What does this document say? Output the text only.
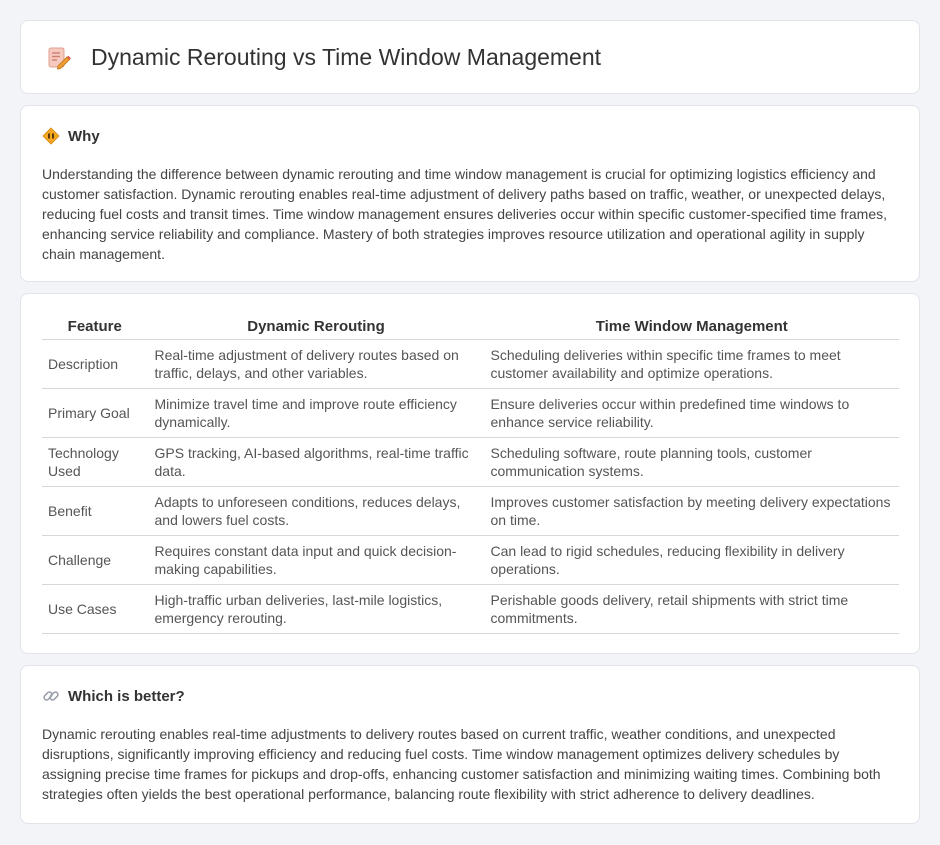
Dynamic Rerouting vs Time Window Management
Why

Understanding the difference between dynamic rerouting and time window management is crucial for optimizing logistics efficiency and customer satisfaction. Dynamic rerouting enables real-time adjustment of delivery paths based on traffic, weather, or unexpected delays, reducing fuel costs and transit times. Time window management ensures deliveries occur within specific customer-specified time frames, enhancing service reliability and compliance. Mastery of both strategies improves resource utilization and operational agility in supply chain management.

Feature	Dynamic Rerouting	Time Window Management
Description	Real-time adjustment of delivery routes based on traffic, delays, and other variables.	Scheduling deliveries within specific time frames to meet customer availability and optimize operations.
Primary Goal	Minimize travel time and improve route efficiency dynamically.	Ensure deliveries occur within predefined time windows to enhance service reliability.
Technology Used	GPS tracking, AI-based algorithms, real-time traffic data.	Scheduling software, route planning tools, customer communication systems.
Benefit	Adapts to unforeseen conditions, reduces delays, and lowers fuel costs.	Improves customer satisfaction by meeting delivery expectations on time.
Challenge	Requires constant data input and quick decision-making capabilities.	Can lead to rigid schedules, reducing flexibility in delivery operations.
Use Cases	High-traffic urban deliveries, last-mile logistics, emergency rerouting.	Perishable goods delivery, retail shipments with strict time commitments.
Which is better?

Dynamic rerouting enables real-time adjustments to delivery routes based on current traffic, weather conditions, and unexpected disruptions, significantly improving efficiency and reducing fuel costs. Time window management optimizes delivery schedules by assigning precise time frames for pickups and drop-offs, enhancing customer satisfaction and minimizing waiting times. Combining both strategies often yields the best operational performance, balancing route flexibility with strict adherence to delivery deadlines.
